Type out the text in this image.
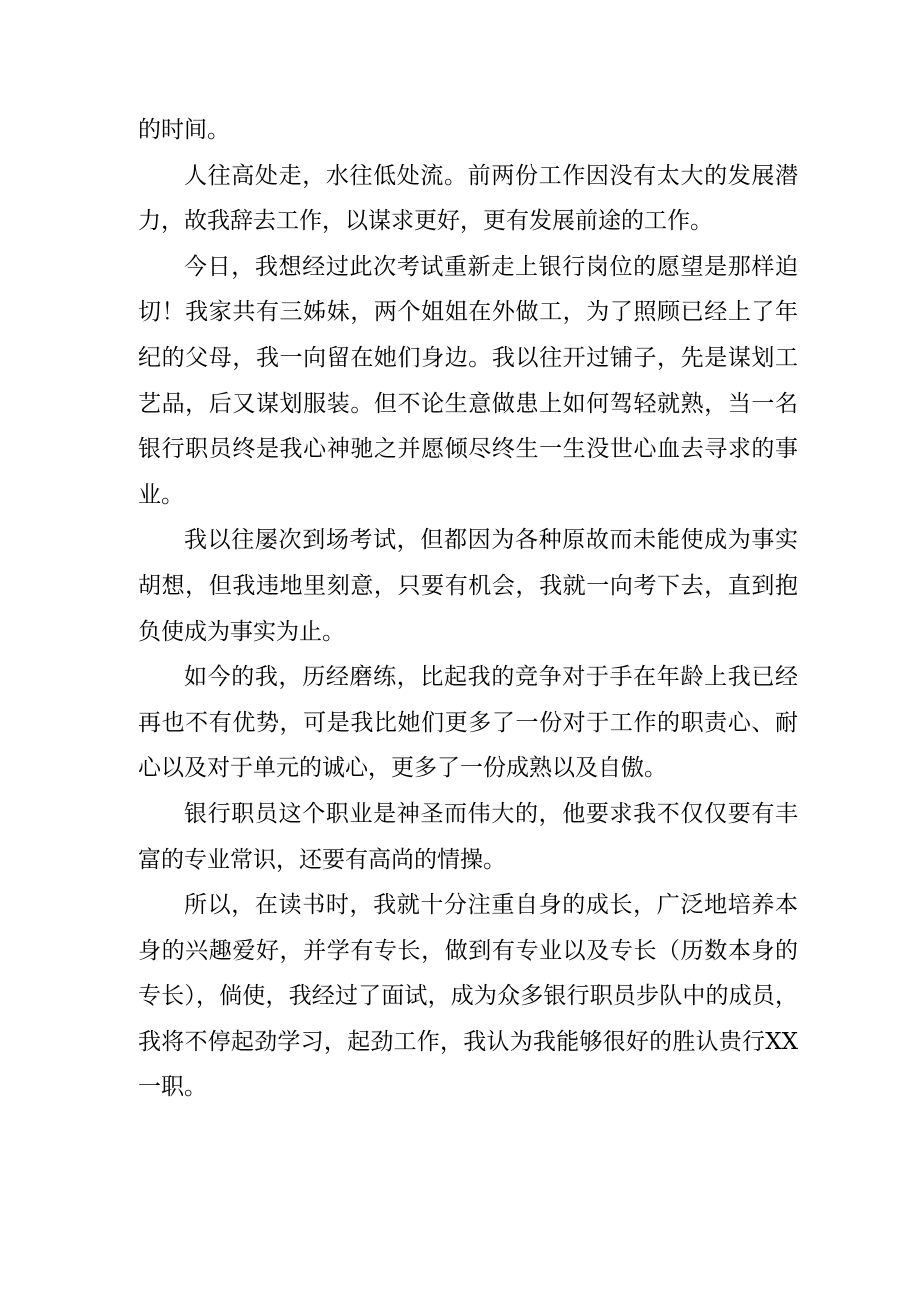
的时间。

人往高处走，水往低处流。前两份工作因没有太大的发展潜力，故我辞去工作，以谋求更好，更有发展前途的工作。

今日，我想经过此次考试重新走上银行岗位的愿望是那样迫切！我家共有三姊妹，两个姐姐在外做工，为了照顾已经上了年纪的父母，我一向留在她们身边。我以往开过铺子，先是谋划工艺品，后又谋划服装。但不论生意做患上如何驾轻就熟，当一名银行职员终是我心神驰之并愿倾尽终生一生没世心血去寻求的事业。

我以往屡次到场考试，但都因为各种原故而未能使成为事实胡想，但我违地里刻意，只要有机会，我就一向考下去，直到抱负使成为事实为止。

如今的我，历经磨练，比起我的竞争对于手在年龄上我已经再也不有优势，可是我比她们更多了一份对于工作的职责心、耐心以及对于单元的诚心，更多了一份成熟以及自傲。

银行职员这个职业是神圣而伟大的，他要求我不仅仅要有丰富的专业常识，还要有高尚的情操。

所以，在读书时，我就十分注重自身的成长，广泛地培养本身的兴趣爱好，并学有专长，做到有专业以及专长（历数本身的专长），倘使，我经过了面试，成为众多银行职员步队中的成员，我将不停起劲学习，起劲工作，我认为我能够很好的胜认贵行XX一职。
